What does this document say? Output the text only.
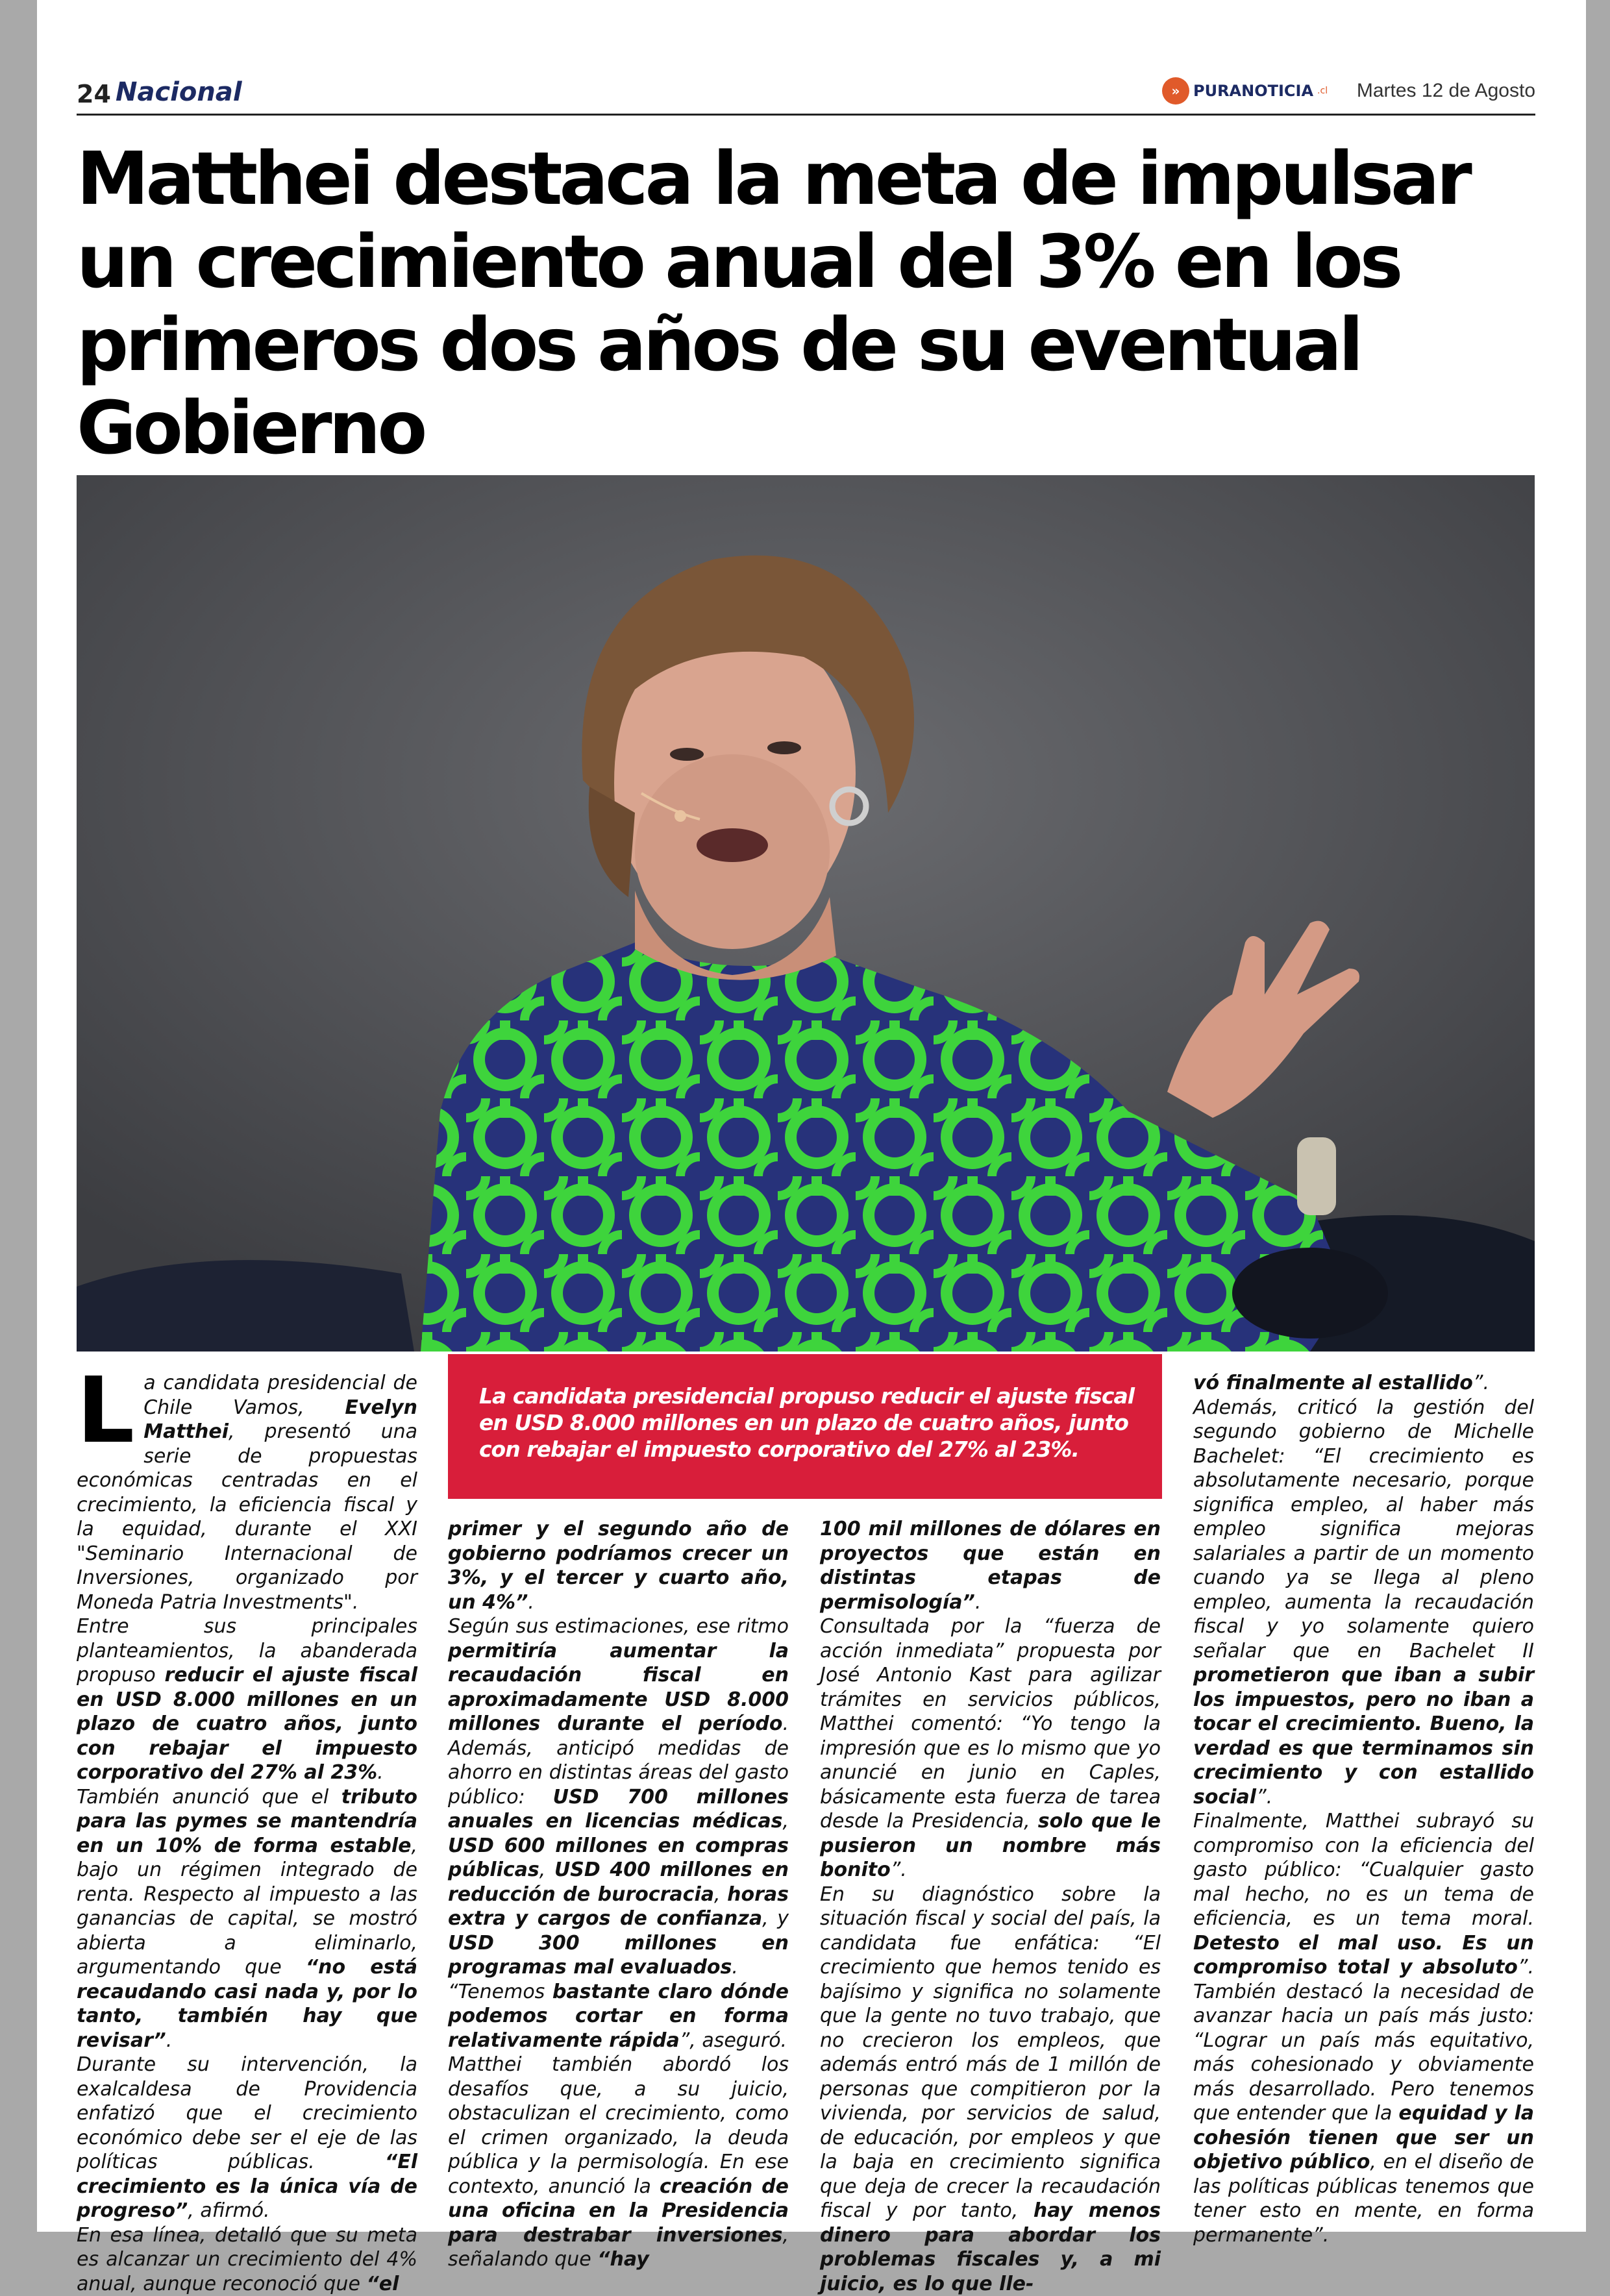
24 Nacional	» PURANOTICIA .cl Martes 12 de Agosto
Matthei destaca la meta de impulsar un crecimiento anual del 3% en los primeros dos años de su eventual Gobierno
La candidata presidencial propuso reducir el ajuste fiscal en USD 8.000 millones en un plazo de cuatro años, junto con rebajar el impuesto corporativo del 27% al 23%.
L a candidata presidencial de Chile Vamos, Evelyn Matthei, presentó una serie de propuestas económicas centradas en el crecimiento, la eficiencia fiscal y la equidad, durante el XXI "Seminario Internacional de Inversiones, organizado por Moneda Patria Investments".

Entre sus principales planteamientos, la abanderada propuso reducir el ajuste fiscal en USD 8.000 millones en un plazo de cuatro años, junto con rebajar el impuesto corporativo del 27% al 23%.

También anunció que el tributo para las pymes se mantendría en un 10% de forma estable, bajo un régimen integrado de renta. Respecto al impuesto a las ganancias de capital, se mostró abierta a eliminarlo, argumentando que “no está recaudando casi nada y, por lo tanto, también hay que revisar”.

Durante su intervención, la exalcaldesa de Providencia enfatizó que el crecimiento económico debe ser el eje de las políticas públicas. “El crecimiento es la única vía de progreso”, afirmó.

En esa línea, detalló que su meta es alcanzar un crecimiento del 4% anual, aunque reconoció que “el

primer y el segundo año de gobierno podríamos crecer un 3%, y el tercer y cuarto año, un 4%”.

Según sus estimaciones, ese ritmo permitiría aumentar la recaudación fiscal en aproximadamente USD 8.000 millones durante el período. Además, anticipó medidas de ahorro en distintas áreas del gasto público: USD 700 millones anuales en licencias médicas, USD 600 millones en compras públicas, USD 400 millones en reducción de burocracia, horas extra y cargos de confianza, y USD 300 millones en programas mal evaluados.

“Tenemos bastante claro dónde podemos cortar en forma relativamente rápida”, aseguró.

Matthei también abordó los desafíos que, a su juicio, obstaculizan el crecimiento, como el crimen organizado, la deuda pública y la permisología. En ese contexto, anunció la creación de una oficina en la Presidencia para destrabar inversiones, señalando que “hay

100 mil millones de dólares en proyectos que están en distintas etapas de permisología”.

Consultada por la “fuerza de acción inmediata” propuesta por José Antonio Kast para agilizar trámites en servicios públicos, Matthei comentó: “Yo tengo la impresión que es lo mismo que yo anuncié en junio en Caples, básicamente esta fuerza de tarea desde la Presidencia, solo que le pusieron un nombre más bonito”.

En su diagnóstico sobre la situación fiscal y social del país, la candidata fue enfática: “El crecimiento que hemos tenido es bajísimo y significa no solamente que la gente no tuvo trabajo, que no crecieron los empleos, que además entró más de 1 millón de personas que compitieron por la vivienda, por servicios de salud, de educación, por empleos y que la baja en crecimiento significa que deja de crecer la recaudación fiscal y por tanto, hay menos dinero para abordar los problemas fiscales y, a mi juicio, es lo que lle-

vó finalmente al estallido”.

Además, criticó la gestión del segundo gobierno de Michelle Bachelet: “El crecimiento es absolutamente necesario, porque significa empleo, al haber más empleo significa mejoras salariales a partir de un momento cuando ya se llega al pleno empleo, aumenta la recaudación fiscal y yo solamente quiero señalar que en Bachelet II prometieron que iban a subir los impuestos, pero no iban a tocar el crecimiento. Bueno, la verdad es que terminamos sin crecimiento y con estallido social”.

Finalmente, Matthei subrayó su compromiso con la eficiencia del gasto público: “Cualquier gasto mal hecho, no es un tema de eficiencia, es un tema moral. Detesto el mal uso. Es un compromiso total y absoluto”. También destacó la necesidad de avanzar hacia un país más justo: “Lograr un país más equitativo, más cohesionado y obviamente más desarrollado. Pero tenemos que entender que la equidad y la cohesión tienen que ser un objetivo público, en el diseño de las políticas públicas tenemos que tener esto en mente, en forma permanente”.
